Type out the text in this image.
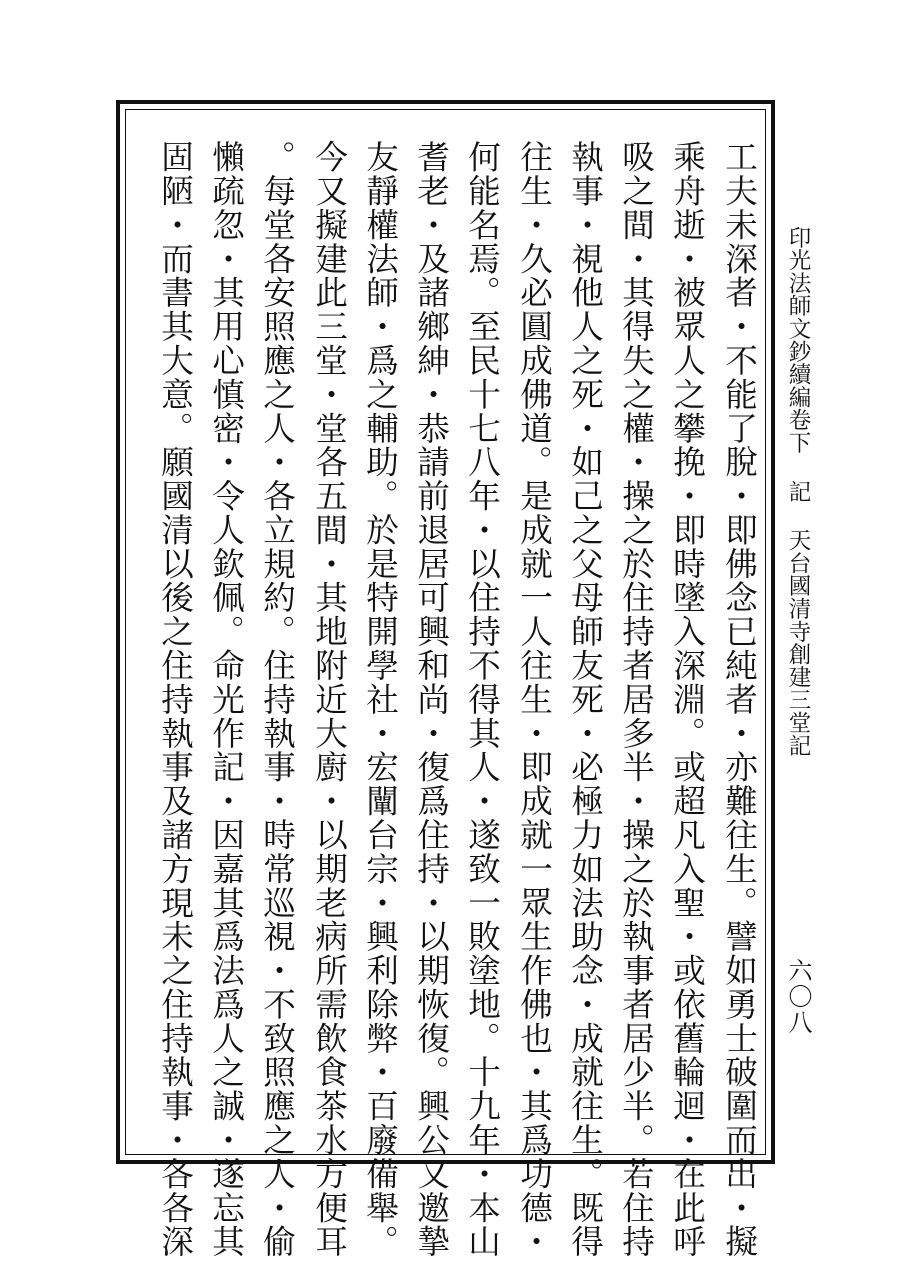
印光法師文鈔續編卷下記天台國清寺創建三堂記
六〇八
工夫未深者・不能了脫・即佛念已純者・亦難往生。譬如勇士破圍而出・擬
乘舟逝・被眾人之攀挽・即時墜入深淵。或超凡入聖・或依舊輪迴・在此呼
吸之間・其得失之權・操之於住持者居多半・操之於執事者居少半。若住持
執事・視他人之死・如己之父母師友死・必極力如法助念・成就往生。既得
往生・久必圓成佛道。是成就一人往生・即成就一眾生作佛也・其爲功德・
何能名焉。至民十七八年・以住持不得其人・遂致一敗塗地。十九年・本山
耆老・及諸鄉紳・恭請前退居可興和尚・復爲住持・以期恢復。興公又邀摯
友靜權法師・爲之輔助。於是特開學社・宏闡台宗・興利除弊・百廢備舉。
今又擬建此三堂・堂各五間・其地附近大廚・以期老病所需飲食茶水方便耳
。每堂各安照應之人・各立規約。住持執事・時常巡視・不致照應之人・偷
懶疏忽・其用心慎密・令人欽佩。命光作記・因嘉其爲法爲人之誠・遂忘其
固陋・而書其大意。願國清以後之住持執事及諸方現未之住持執事・各各深
